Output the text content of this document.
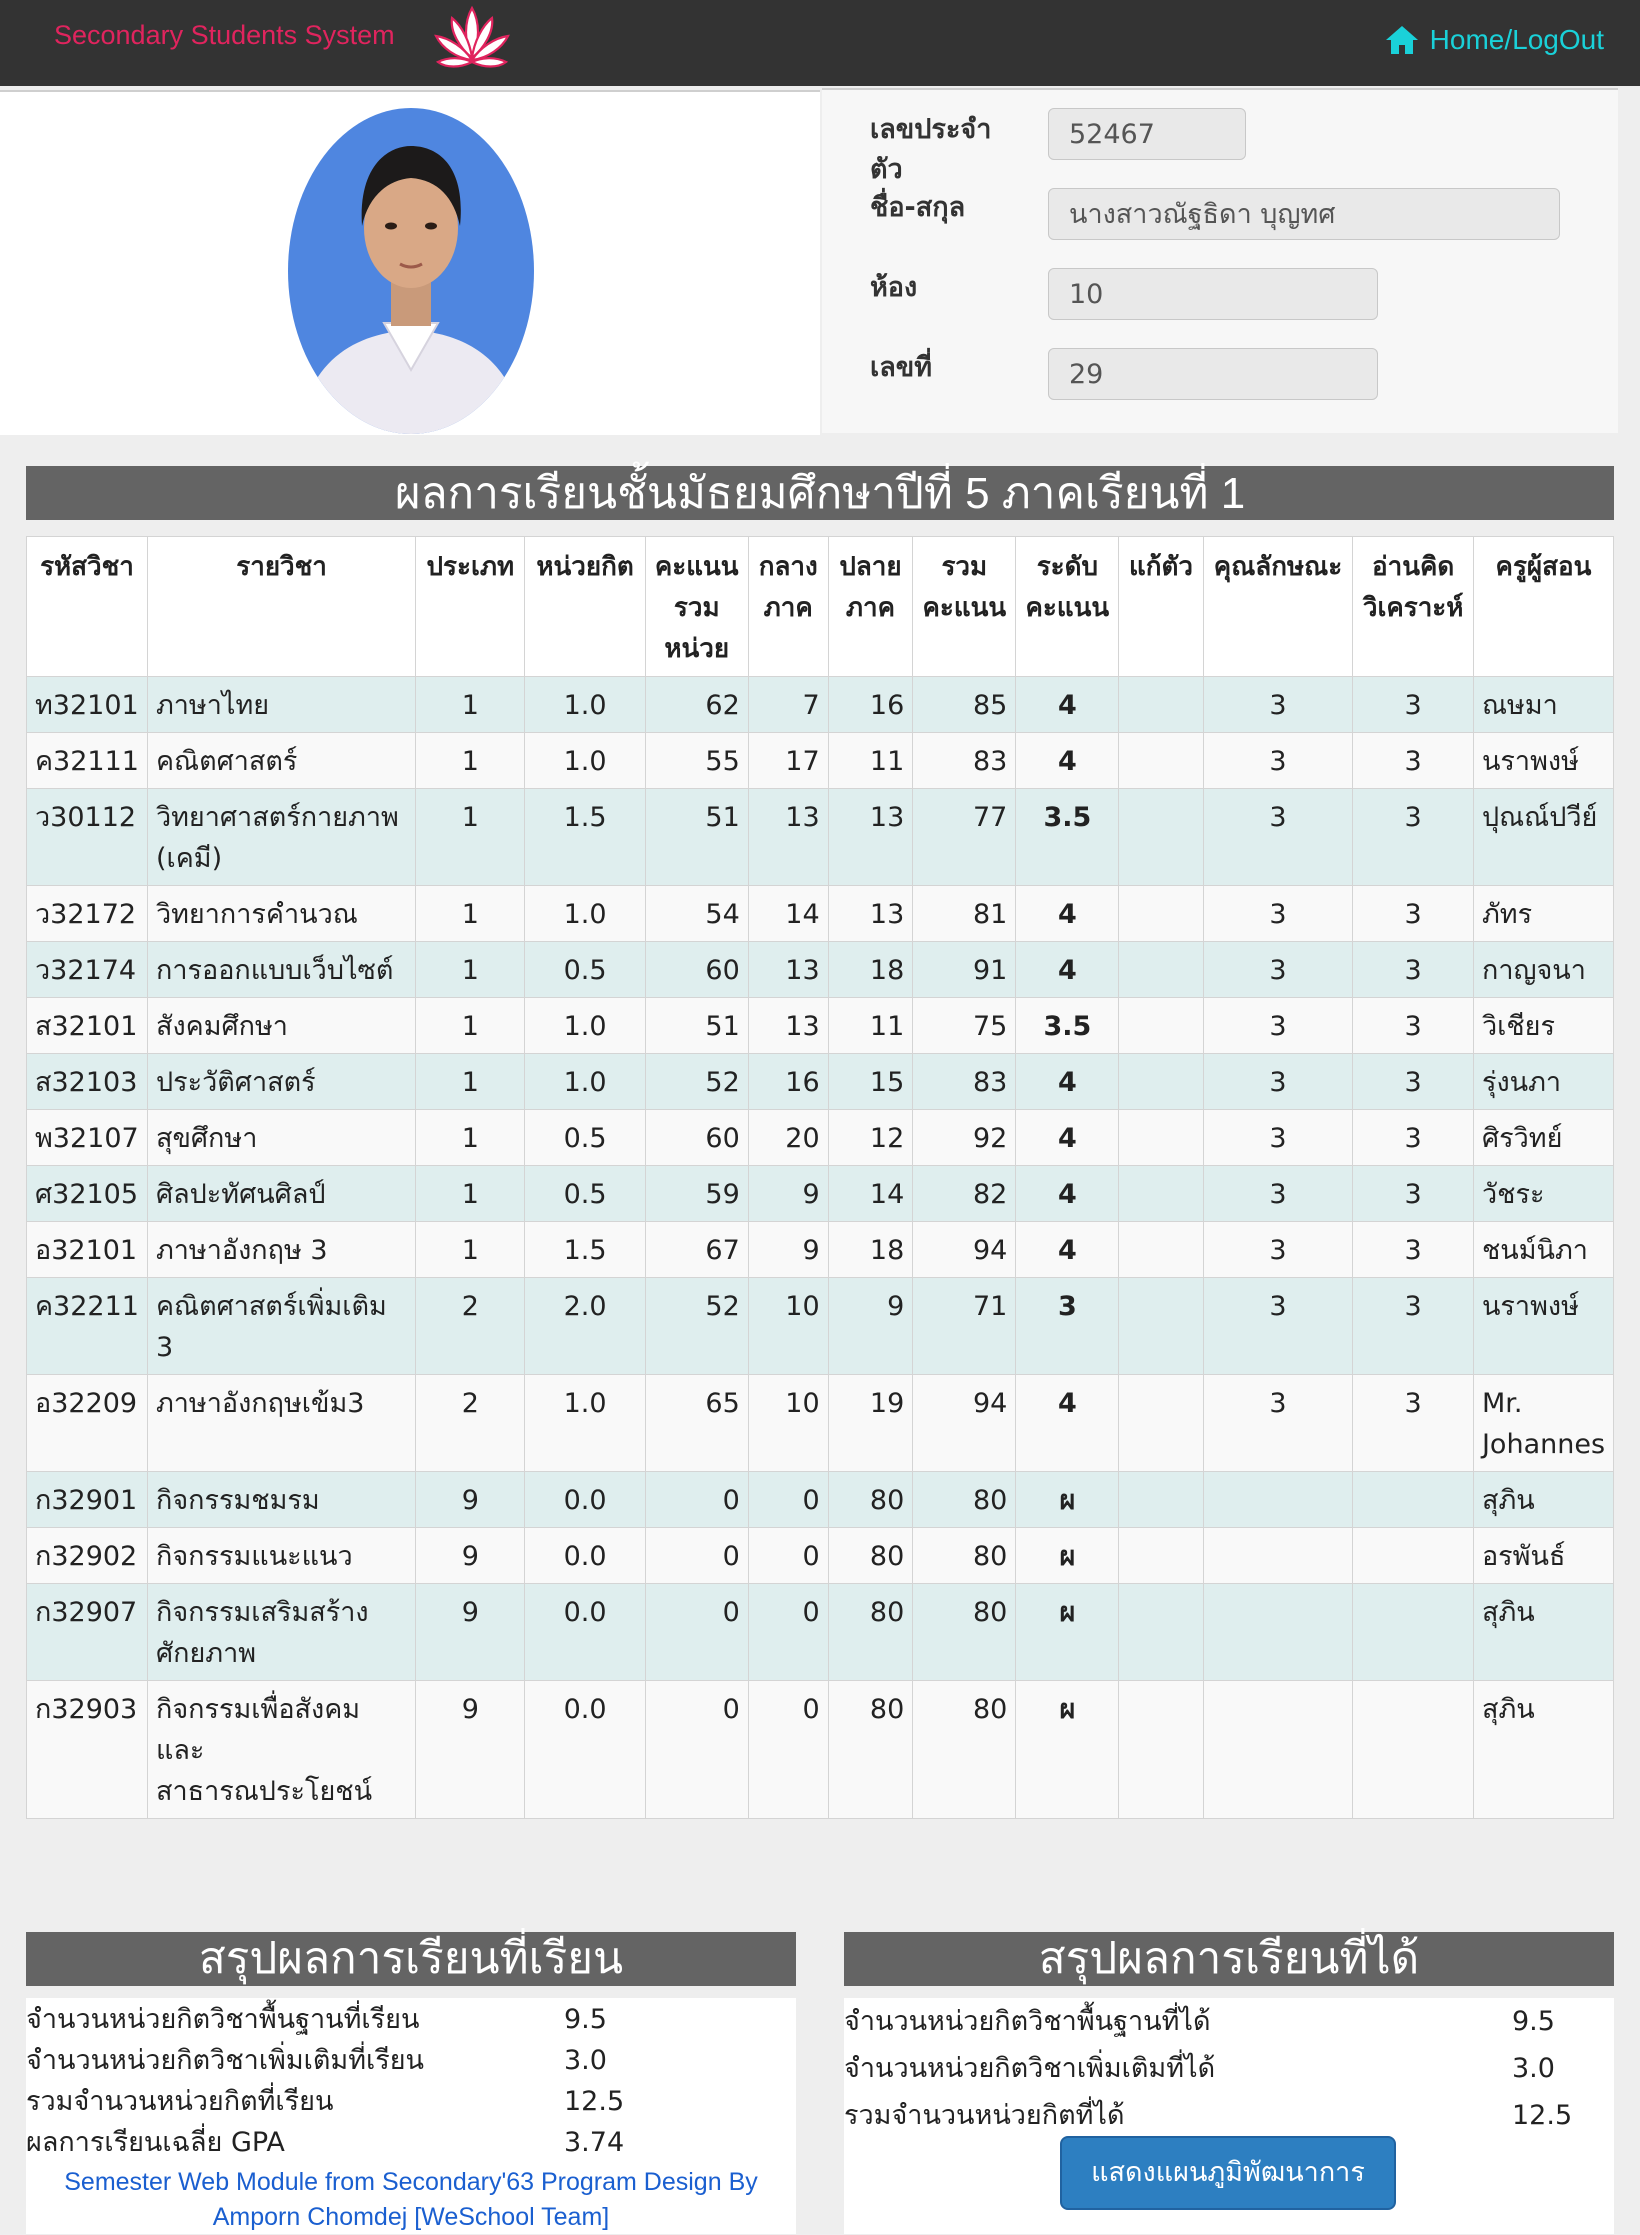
Secondary Students System	Home/LogOut
เลขประจำตัว
52467
ชื่อ-สกุล	นางสาวณัฐธิดา บุญทศ
ห้อง	10
เลขที่	29
ผลการเรียนชั้นมัธยมศึกษาปีที่ 5 ภาคเรียนที่ 1
รหัสวิชา	รายวิชา	ประเภท	หน่วยกิต	คะแนนรวมหน่วย	กลางภาค	ปลายภาค	รวมคะแนน	ระดับคะแนน	แก้ตัว	คุณลักษณะ	อ่านคิดวิเคราะห์	ครูผู้สอน
ท32101	ภาษาไทย	1	1.0	62	7	16	85	4		3	3	ณษมา
ค32111	คณิตศาสตร์	1	1.0	55	17	11	83	4		3	3	นราพงษ์
ว30112	วิทยาศาสตร์กายภาพ (เคมี)	1	1.5	51	13	13	77	3.5		3	3	ปุณณ์ปวีย์
ว32172	วิทยาการคำนวณ	1	1.0	54	14	13	81	4		3	3	ภัทร
ว32174	การออกแบบเว็บไซต์	1	0.5	60	13	18	91	4		3	3	กาญจนา
ส32101	สังคมศึกษา	1	1.0	51	13	11	75	3.5		3	3	วิเชียร
ส32103	ประวัติศาสตร์	1	1.0	52	16	15	83	4		3	3	รุ่งนภา
พ32107	สุขศึกษา	1	0.5	60	20	12	92	4		3	3	ศิรวิทย์
ศ32105	ศิลปะทัศนศิลป์	1	0.5	59	9	14	82	4		3	3	วัชระ
อ32101	ภาษาอังกฤษ 3	1	1.5	67	9	18	94	4		3	3	ชนม์นิภา
ค32211	คณิตศาสตร์เพิ่มเติม 3	2	2.0	52	10	9	71	3		3	3	นราพงษ์
อ32209	ภาษาอังกฤษเข้ม3	2	1.0	65	10	19	94	4		3	3	Mr. Johannes
ก32901	กิจกรรมชมรม	9	0.0	0	0	80	80	ผ				สุภิน
ก32902	กิจกรรมแนะแนว	9	0.0	0	0	80	80	ผ				อรพันธ์
ก32907	กิจกรรมเสริมสร้างศักยภาพ	9	0.0	0	0	80	80	ผ				สุภิน
ก32903	กิจกรรมเพื่อสังคมและ สาธารณประโยชน์	9	0.0	0	0	80	80	ผ				สุภิน
สรุปผลการเรียนที่เรียน
จำนวนหน่วยกิตวิชาพื้นฐานที่เรียน	9.5
จำนวนหน่วยกิตวิชาเพิ่มเติมที่เรียน	3.0
รวมจำนวนหน่วยกิตที่เรียน	12.5
ผลการเรียนเฉลี่ย GPA	3.74
Semester Web Module from Secondary'63 Program Design By Amporn Chomdej [WeSchool Team]
สรุปผลการเรียนที่ได้
จำนวนหน่วยกิตวิชาพื้นฐานที่ได้	9.5
จำนวนหน่วยกิตวิชาเพิ่มเติมที่ได้	3.0
รวมจำนวนหน่วยกิตที่ได้	12.5
แสดงแผนภูมิพัฒนาการ
